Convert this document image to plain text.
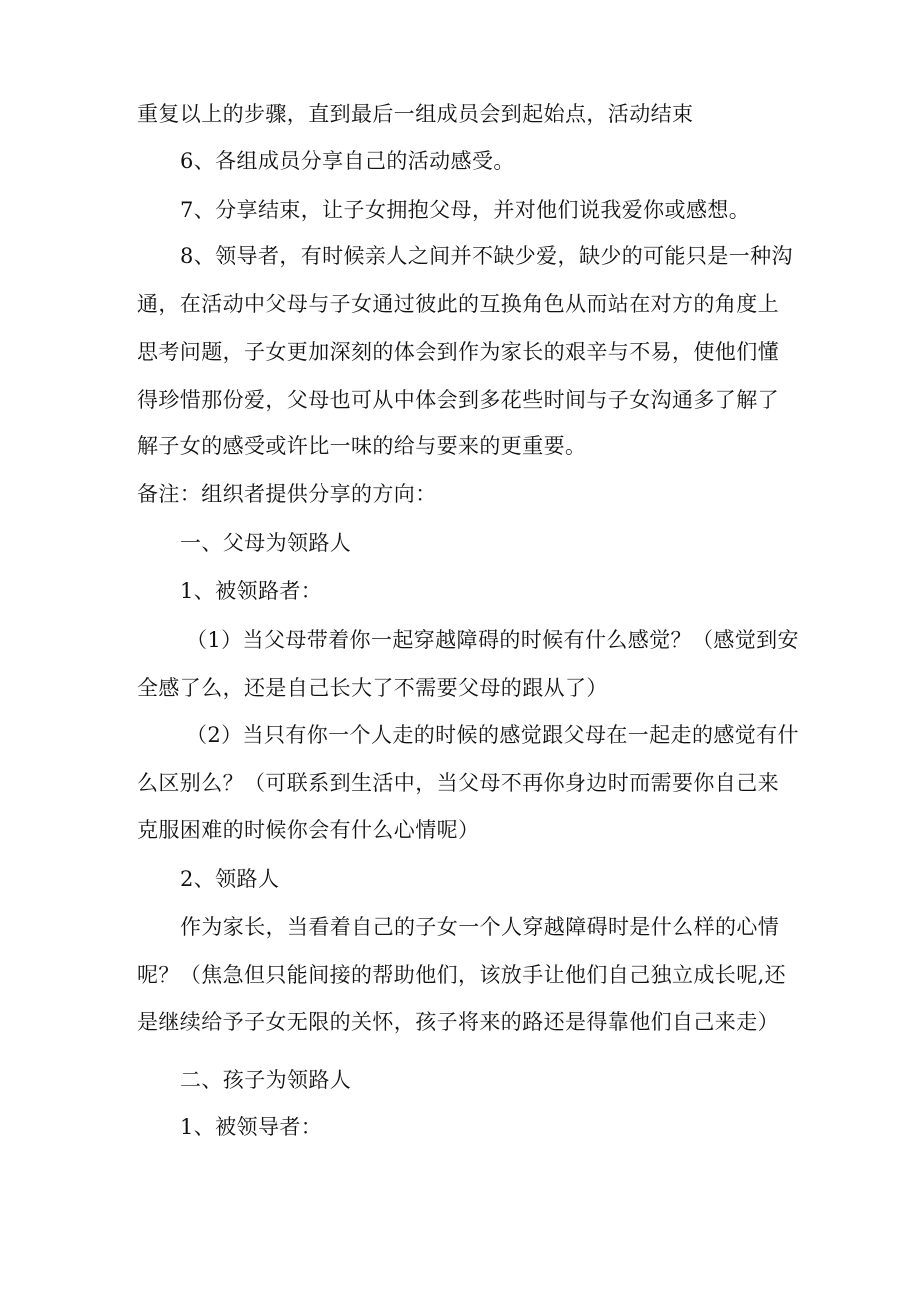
重复以上的步骤，直到最后一组成员会到起始点，活动结束
6、各组成员分享自己的活动感受。
7、分享结束，让子女拥抱父母，并对他们说我爱你或感想。
8、领导者，有时候亲人之间并不缺少爱，缺少的可能只是一种沟
通，在活动中父母与子女通过彼此的互换角色从而站在对方的角度上
思考问题，子女更加深刻的体会到作为家长的艰辛与不易，使他们懂
得珍惜那份爱，父母也可从中体会到多花些时间与子女沟通多了解了
解子女的感受或许比一味的给与要来的更重要。
备注：组织者提供分享的方向：
一、父母为领路人
1、被领路者：
（1）当父母带着你一起穿越障碍的时候有什么感觉？（感觉到安
全感了么，还是自己长大了不需要父母的跟从了）
（2）当只有你一个人走的时候的感觉跟父母在一起走的感觉有什
么区别么？（可联系到生活中，当父母不再你身边时而需要你自己来
克服困难的时候你会有什么心情呢）
2、领路人
作为家长，当看着自己的子女一个人穿越障碍时是什么样的心情
呢？（焦急但只能间接的帮助他们，该放手让他们自己独立成长呢,还
是继续给予子女无限的关怀，孩子将来的路还是得靠他们自己来走）
二、孩子为领路人
1、被领导者：
